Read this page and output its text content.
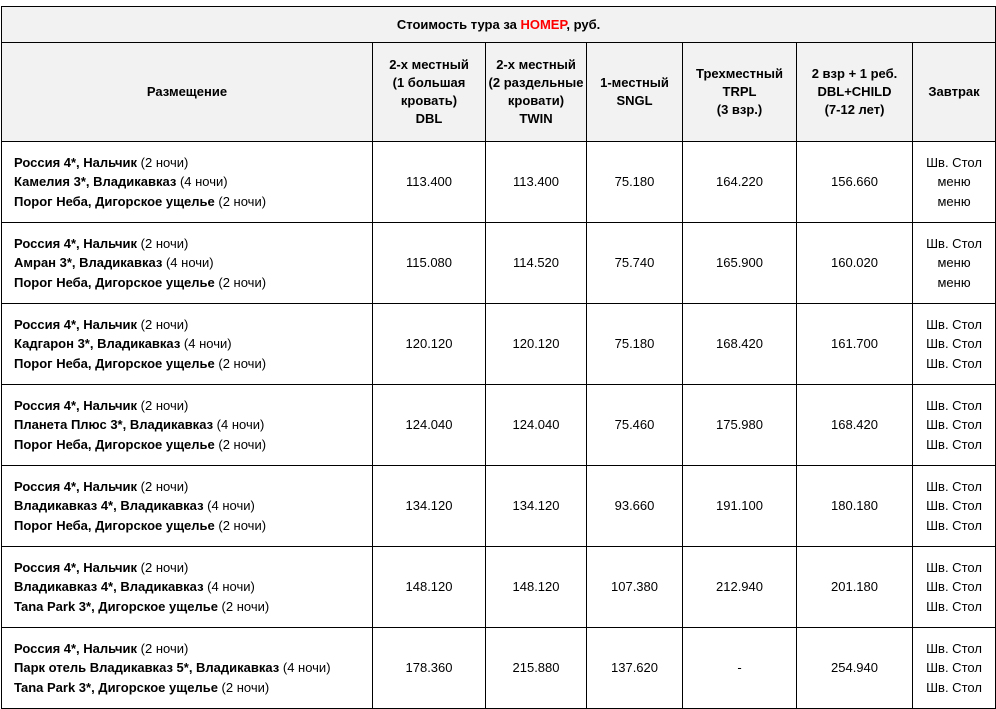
Стоимость тура за НОМЕР, руб.						

Размещение	2-х местный
(1 большая
кровать)
DBL	2-х местный
(2 раздельные
кровати)
TWIN	1-местный
SNGL	Трехместный
TRPL
(3 взр.)	2 взр + 1 реб.
DBL+CHILD
(7-12 лет)	Завтрак

Россия 4*, Нальчик (2 ночи)
Камелия 3*, Владикавказ (4 ночи)
Порог Неба, Дигорское ущелье (2 ночи)	113.400	113.400	75.180	164.220	156.660	Шв. Стол
меню
меню

Россия 4*, Нальчик (2 ночи)
Амран 3*, Владикавказ (4 ночи)
Порог Неба, Дигорское ущелье (2 ночи)	115.080	114.520	75.740	165.900	160.020	Шв. Стол
меню
меню

Россия 4*, Нальчик (2 ночи)
Кадгарон 3*, Владикавказ (4 ночи)
Порог Неба, Дигорское ущелье (2 ночи)	120.120	120.120	75.180	168.420	161.700	Шв. Стол
Шв. Стол
Шв. Стол

Россия 4*, Нальчик (2 ночи)
Планета Плюс 3*, Владикавказ (4 ночи)
Порог Неба, Дигорское ущелье (2 ночи)	124.040	124.040	75.460	175.980	168.420	Шв. Стол
Шв. Стол
Шв. Стол

Россия 4*, Нальчик (2 ночи)
Владикавказ 4*, Владикавказ (4 ночи)
Порог Неба, Дигорское ущелье (2 ночи)	134.120	134.120	93.660	191.100	180.180	Шв. Стол
Шв. Стол
Шв. Стол

Россия 4*, Нальчик (2 ночи)
Владикавказ 4*, Владикавказ (4 ночи)
Tana Park 3*, Дигорское ущелье (2 ночи)	148.120	148.120	107.380	212.940	201.180	Шв. Стол
Шв. Стол
Шв. Стол

Россия 4*, Нальчик (2 ночи)
Парк отель Владикавказ 5*, Владикавказ (4 ночи)
Tana Park 3*, Дигорское ущелье (2 ночи)	178.360	215.880	137.620	-	254.940	Шв. Стол
Шв. Стол
Шв. Стол
